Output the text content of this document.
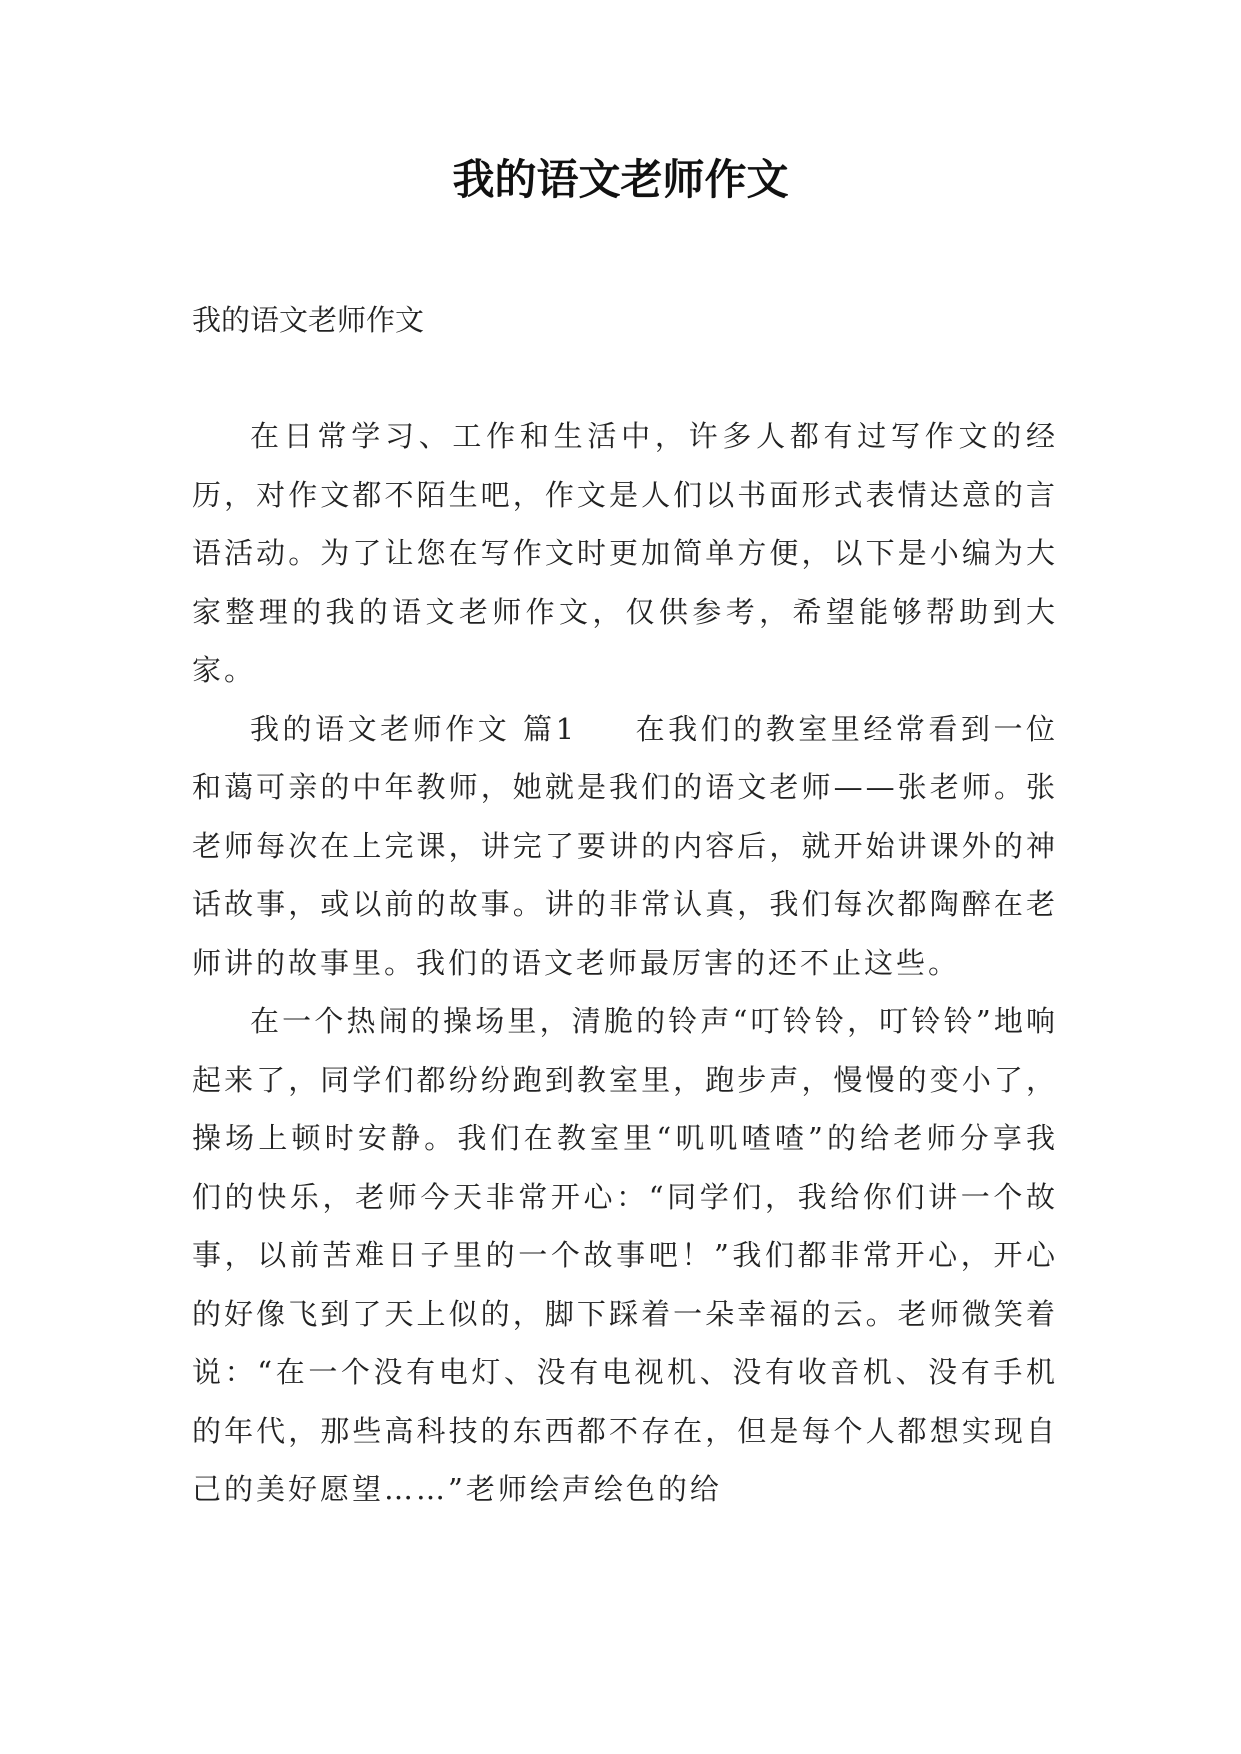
我的语文老师作文

我的语文老师作文

在日常学习、工作和生活中，许多人都有过写作文的经历，对作文都不陌生吧，作文是人们以书面形式表情达意的言语活动。为了让您在写作文时更加简单方便，以下是小编为大家整理的我的语文老师作文，仅供参考，希望能够帮助到大家。

我的语文老师作文 篇1 在我们的教室里经常看到一位和蔼可亲的中年教师，她就是我们的语文老师——张老师。张老师每次在上完课，讲完了要讲的内容后，就开始讲课外的神话故事，或以前的故事。讲的非常认真，我们每次都陶醉在老师讲的故事里。我们的语文老师最厉害的还不止这些。

在一个热闹的操场里，清脆的铃声“叮铃铃，叮铃铃”地响起来了，同学们都纷纷跑到教室里，跑步声，慢慢的变小了，操场上顿时安静。我们在教室里“叽叽喳喳”的给老师分享我们的快乐，老师今天非常开心：“同学们，我给你们讲一个故事，以前苦难日子里的一个故事吧！”我们都非常开心，开心的好像飞到了天上似的，脚下踩着一朵幸福的云。老师微笑着说：“在一个没有电灯、没有电视机、没有收音机、没有手机的年代，那些高科技的东西都不存在，但是每个人都想实现自己的美好愿望……”老师绘声绘色的给
